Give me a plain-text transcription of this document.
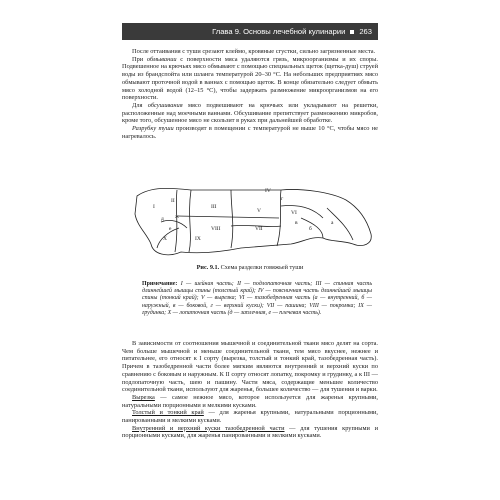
Глава 9. Основы лечебной кулинарии 263

После оттаивания с туши срезают клеймо, кровяные сгустки, сильно загрязненные места.

При обмывании с поверхности мяса удаляются грязь, микроорганизмы и их споры. Подвешенное на крючьях мясо обмывают с помощью специальных щеток (щетка-душ) струей воды из брандспойта или шланга температурой 20–30 °С. На небольших предприятиях мясо обмывают проточной водой в ваннах с помощью щеток. В конце обязательно следует обмыть мясо холодной водой (12–15 °С), чтобы задержать размножение микроорганизмов на его поверхности.

Для обсушивания мясо подвешивают на крючьях или укладывают на решетки, расположенные над моечными ваннами. Обсушивание препятствует размножению микробов, кроме того, обсушенное мясо не скользит в руках при дальнейшей обработке.

Разрубку туши производят в помещении с температурой не выше 10 °С, чтобы мясо не нагревалось.

I
II
III
IV
V	VI
VII
VIII
IX
X
а
б
в
г
д
е
ж
Рис. 9.1. Схема разделки говяжьей туши
Примечание: I — шейная часть; II — подлопаточная часть; III — спинная часть длиннейшей мышцы спины (толстый край); IV — поясничная часть длиннейшей мышцы спины (тонкий край); V — вырезка; VI — тазобедренная часть (а — внутренний, б — наружный, в — боковой, г — верхний куски); VII — пашина; VIII — покромка; IX — грудинка; X — лопаточная часть (д — заплечная, е — плечевая часть).

В зависимости от соотношения мышечной и соединительной ткани мясо делят на сорта. Чем больше мышечной и меньше соединительной ткани, тем мясо вкуснее, нежнее и питательнее, его относят к I сорту (вырезка, толстый и тонкий край, тазобедренная часть). Причем в тазобедренной части более мягким являются внутренний и верхний куски по сравнению с боковым и наружным. К II сорту относят лопатку, покромку и грудинку, а к III — подлопаточную часть, шею и пашину. Части мяса, содержащие меньшее количество соединительной ткани, используют для жаренья, большее количество — для тушения и варки.

Вырезка — самое нежное мясо, которое используется для жаренья крупными, натуральными порционными и мелкими кусками.

Толстый и тонкий край — для жаренья крупными, натуральными порционными, панированными и мелкими кусками.

Внутренний и верхний куски тазобедренной части — для тушения крупными и порционными кусками, для жаренья панированными и мелкими кусками.
